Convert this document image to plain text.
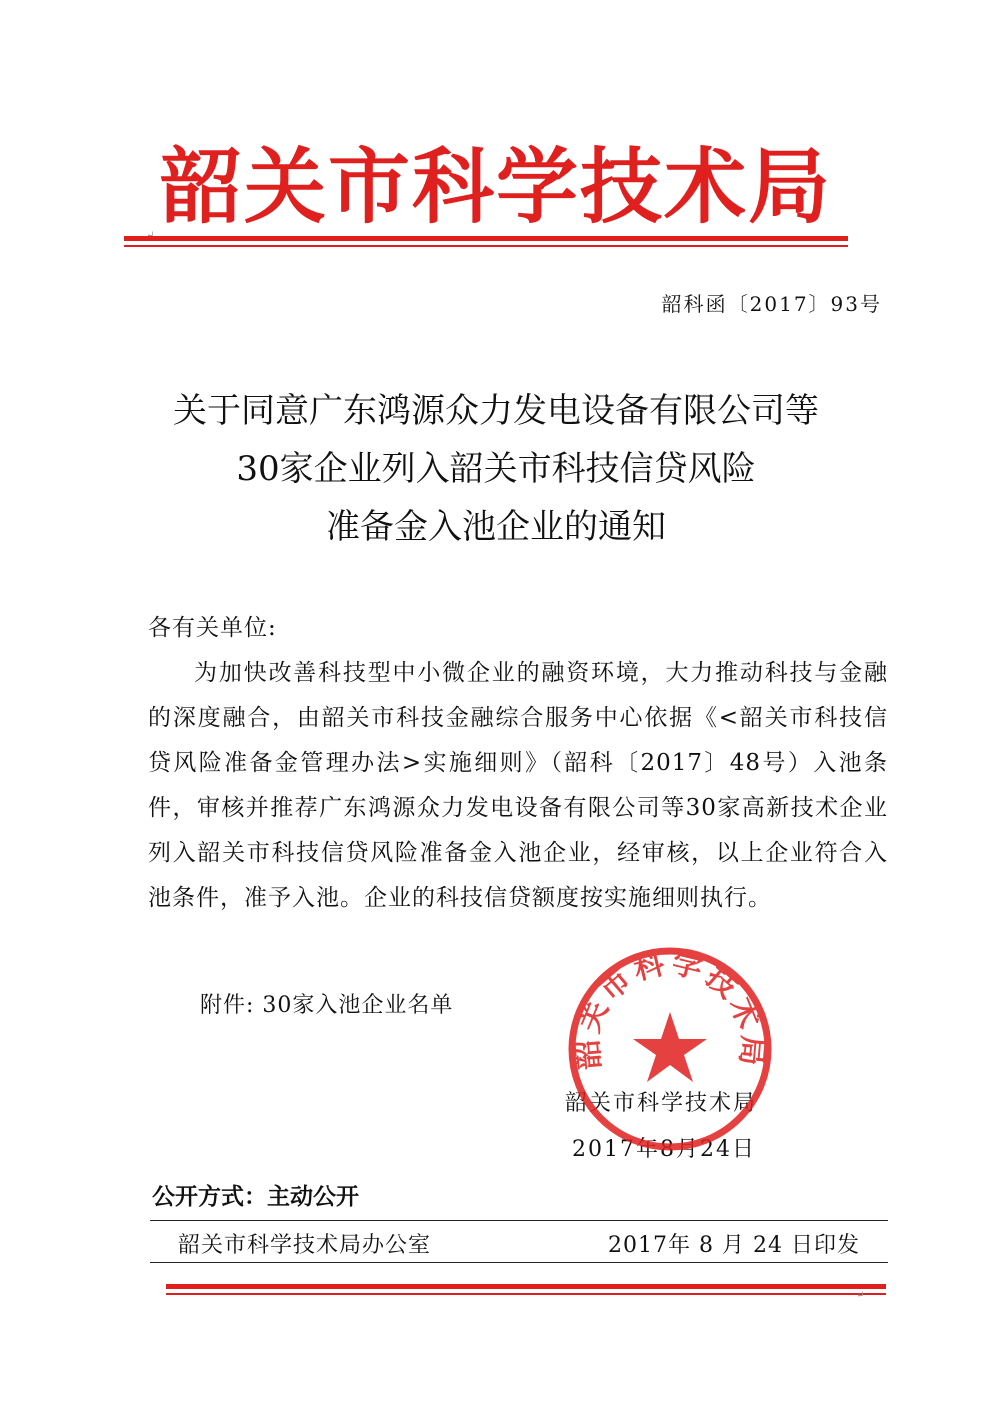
韶关市科学技术局
韶科函〔2017〕93号
关于同意广东鸿源众力发电设备有限公司等
30家企业列入韶关市科技信贷风险
准备金入池企业的通知

各有关单位:

为加快改善科技型中小微企业的融资环境，大力推动科技与金融的深度融合，由韶关市科技金融综合服务中心依据《<韶关市科技信贷风险准备金管理办法>实施细则》（韶科〔2017〕48号）入池条件，审核并推荐广东鸿源众力发电设备有限公司等30家高新技术企业列入韶关市科技信贷风险准备金入池企业，经审核，以上企业符合入池条件，准予入池。企业的科技信贷额度按实施细则执行。

附件: 30家入池企业名单
韶关市科学技术局
2017年8月24日
韶关市科学技术局
公开方式：主动公开
韶关市科学技术局办公室	2017年 8 月 24 日印发
↵
